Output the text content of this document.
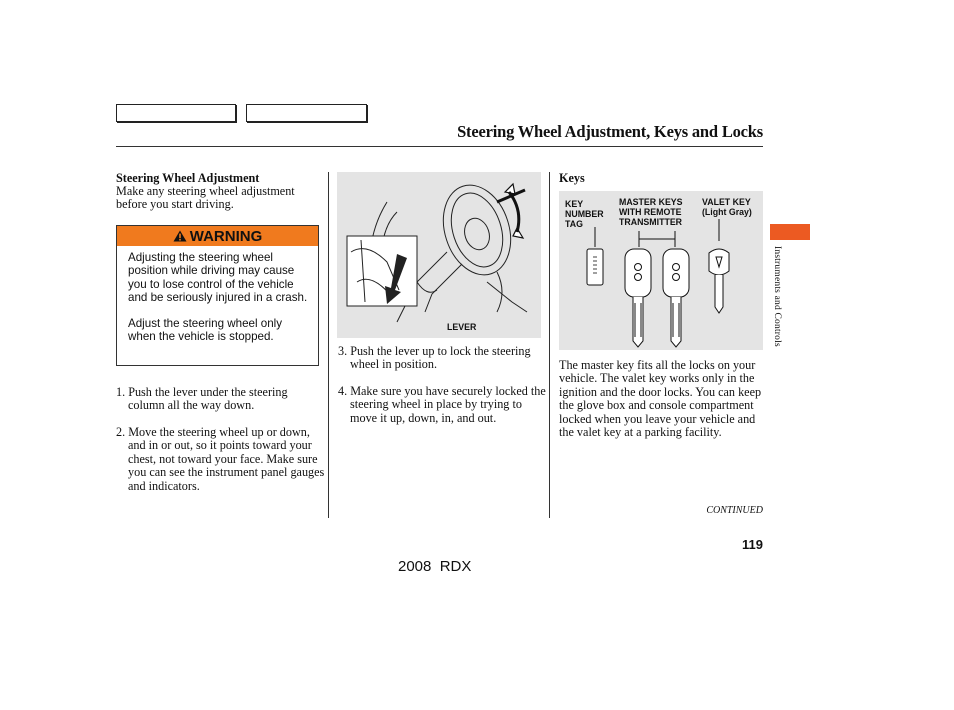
Steering Wheel Adjustment, Keys and Locks
Steering Wheel Adjustment
Make any steering wheel adjustment before you start driving.
WARNING

Adjusting the steering wheel position while driving may cause you to lose control of the vehicle and be seriously injured in a crash.

Adjust the steering wheel only when the vehicle is stopped.

1. Push the lever under the steering column all the way down.
2. Move the steering wheel up or down, and in or out, so it points toward your chest, not toward your face. Make sure you can see the instrument panel gauges and indicators.
LEVER
3. Push the lever up to lock the steering wheel in position.
4. Make sure you have securely locked the steering wheel in place by trying to move it up, down, in, and out.
Keys
KEY NUMBER TAG
MASTER KEYS WITH REMOTE TRANSMITTER
VALET KEY (Light Gray)
The master key fits all the locks on your vehicle. The valet key works only in the ignition and the door locks. You can keep the glove box and console compartment locked when you leave your vehicle and the valet key at a parking facility.
Instruments and Controls
CONTINUED
119
2008  RDX
